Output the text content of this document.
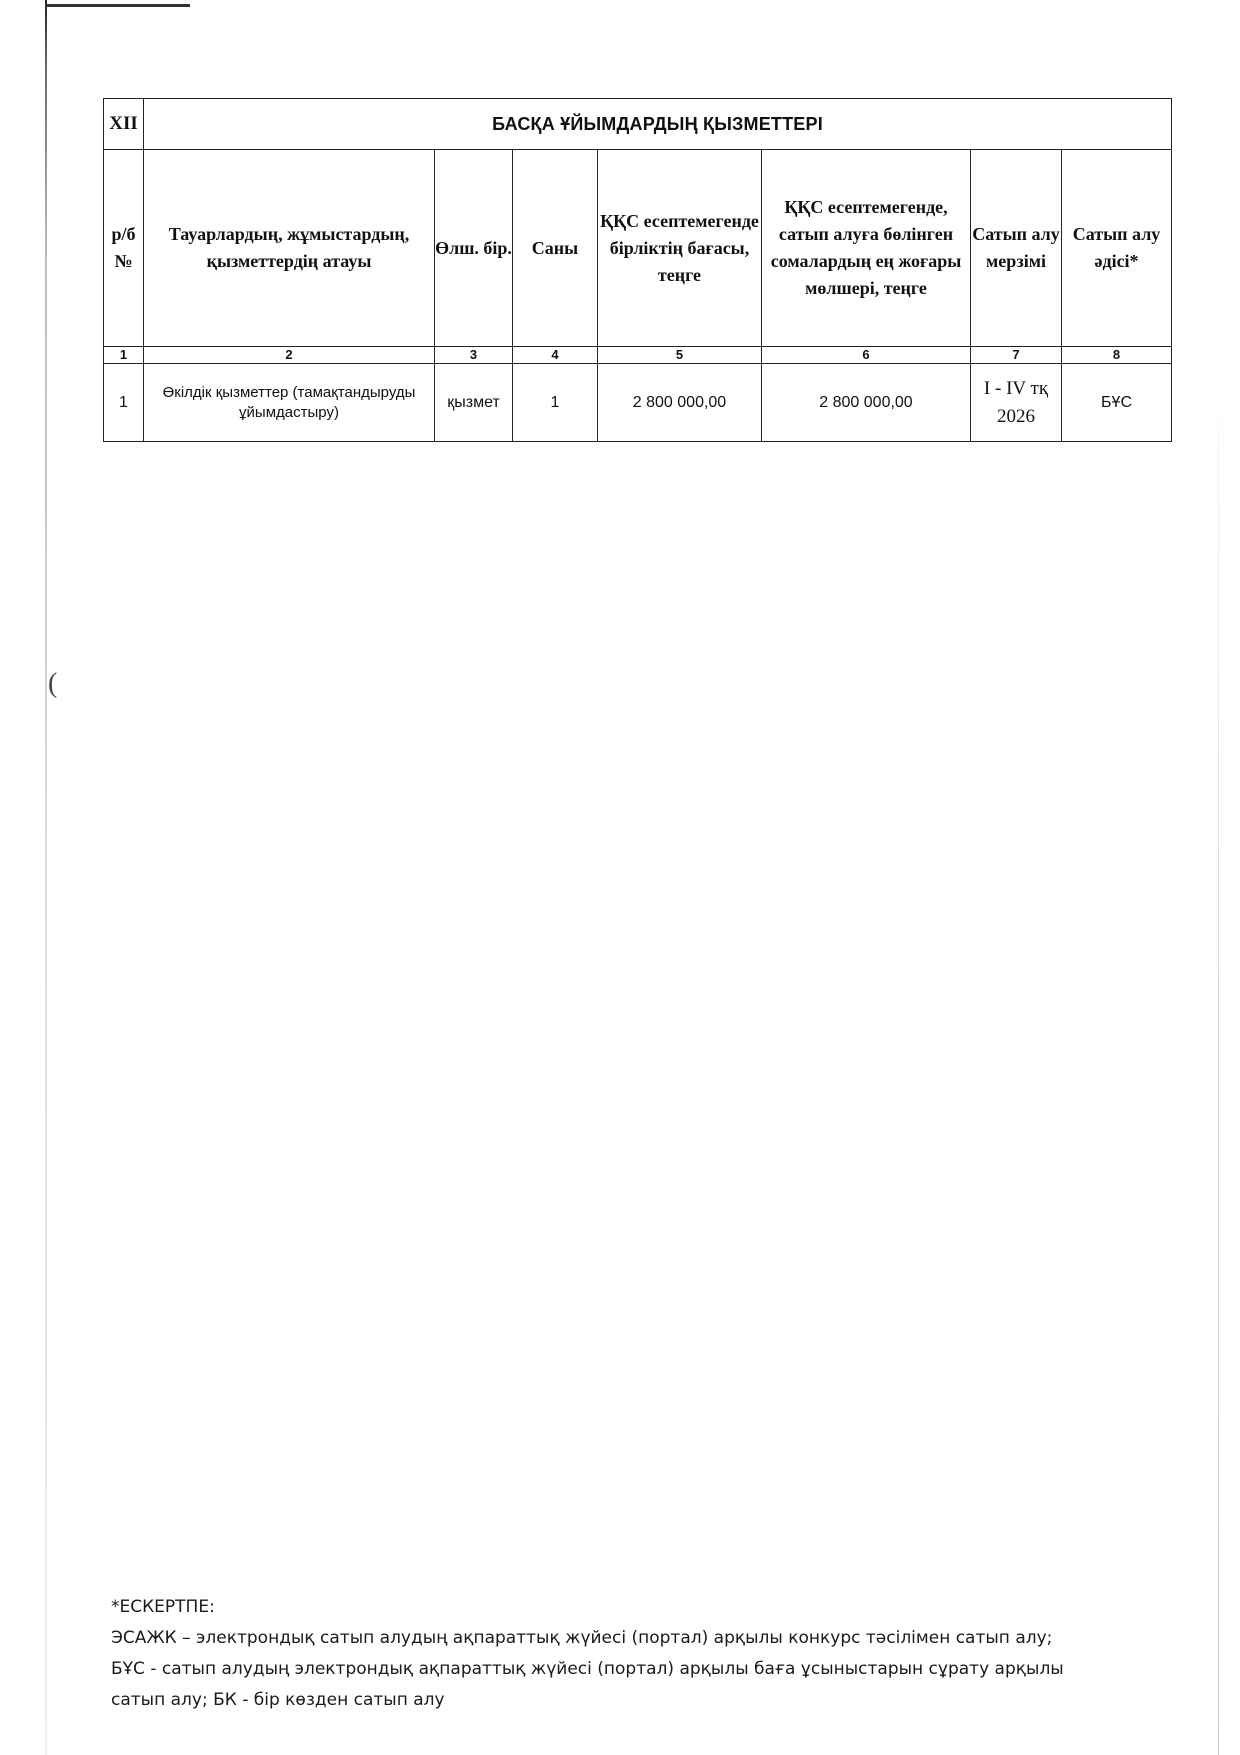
(
XII	БАСҚА ҰЙЫМДАРДЫҢ ҚЫЗМЕТТЕРІ						
р/б №	Тауарлардың, жұмыстардың, қызметтердің атауы	Өлш. бір.	Саны	ҚҚС есептемегенде бірліктің бағасы, теңге	ҚҚС есептемегенде, сатып алуға бөлінген сомалардың ең жоғары мөлшері, теңге	Сатып алу мерзімі	Сатып алу әдісі*
1	2	3	4	5	6	7	8
1	Өкілдік қызметтер (тамақтандыруды ұйымдастыру)	қызмет	1	2 800 000,00	2 800 000,00	I - IV тқ 2026	БҰС

*ЕСКЕРТПЕ:

ЭСАЖК – электрондық сатып алудың ақпараттық жүйесі (портал) арқылы конкурс тәсілімен сатып алу;

БҰС - сатып алудың электрондық ақпараттық жүйесі (портал) арқылы баға ұсыныстарын сұрату арқылы сатып алу; БК - бір көзден сатып алу
